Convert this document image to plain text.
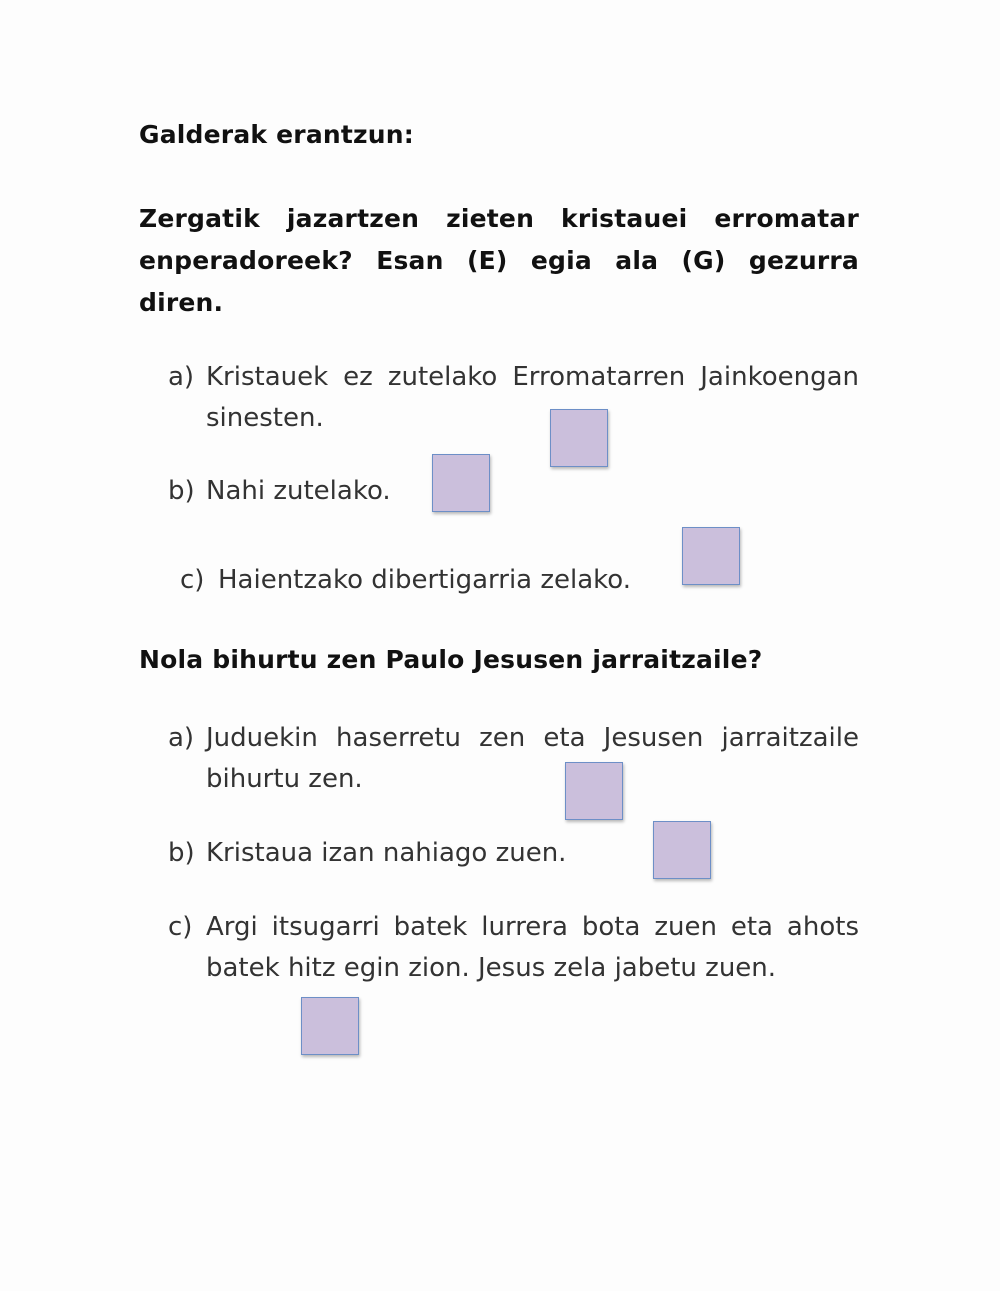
Galderak erantzun:
Zergatik jazartzen zieten kristauei erromatar enperadoreek? Esan (E) egia ala (G) gezurra diren.
a) Kristauek ez zutelako Erromatarren Jainkoengan sinesten.
b) Nahi zutelako.
c) Haientzako dibertigarria zelako.
Nola bihurtu zen Paulo Jesusen jarraitzaile?
a) Juduekin haserretu zen eta Jesusen jarraitzaile bihurtu zen.
b) Kristaua izan nahiago zuen.
c) Argi itsugarri batek lurrera bota zuen eta ahots batek hitz egin zion. Jesus zela jabetu zuen.
